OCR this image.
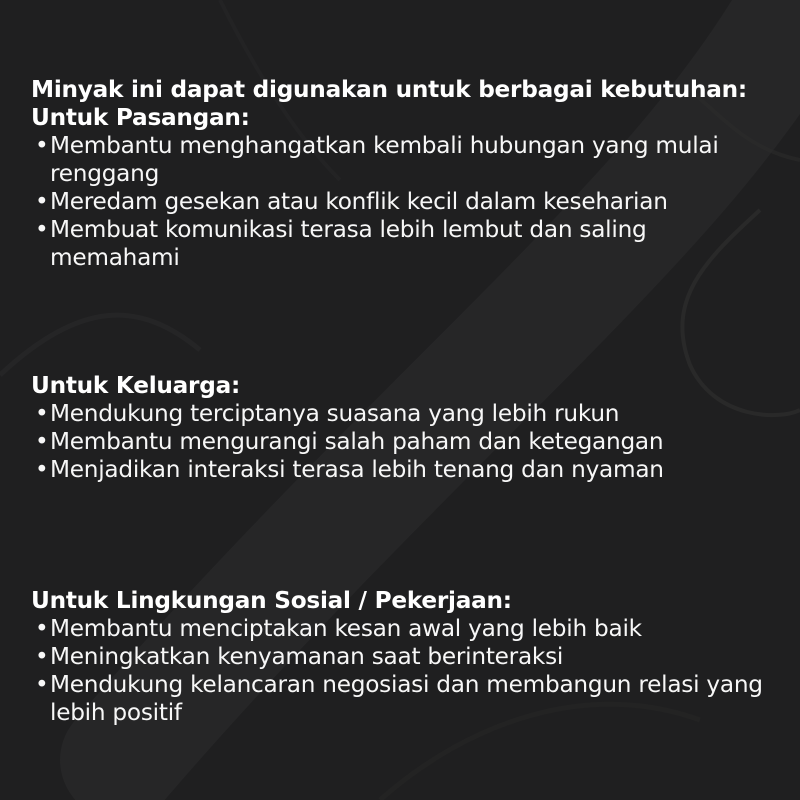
Minyak ini dapat digunakan untuk berbagai kebutuhan:
Untuk Pasangan:
• Membantu menghangatkan kembali hubungan yang mulai renggang
• Meredam gesekan atau konflik kecil dalam keseharian
• Membuat komunikasi terasa lebih lembut dan saling memahami
Untuk Keluarga:
• Mendukung terciptanya suasana yang lebih rukun
• Membantu mengurangi salah paham dan ketegangan
• Menjadikan interaksi terasa lebih tenang dan nyaman
Untuk Lingkungan Sosial / Pekerjaan:
• Membantu menciptakan kesan awal yang lebih baik
• Meningkatkan kenyamanan saat berinteraksi
• Mendukung kelancaran negosiasi dan membangun relasi yang lebih positif
